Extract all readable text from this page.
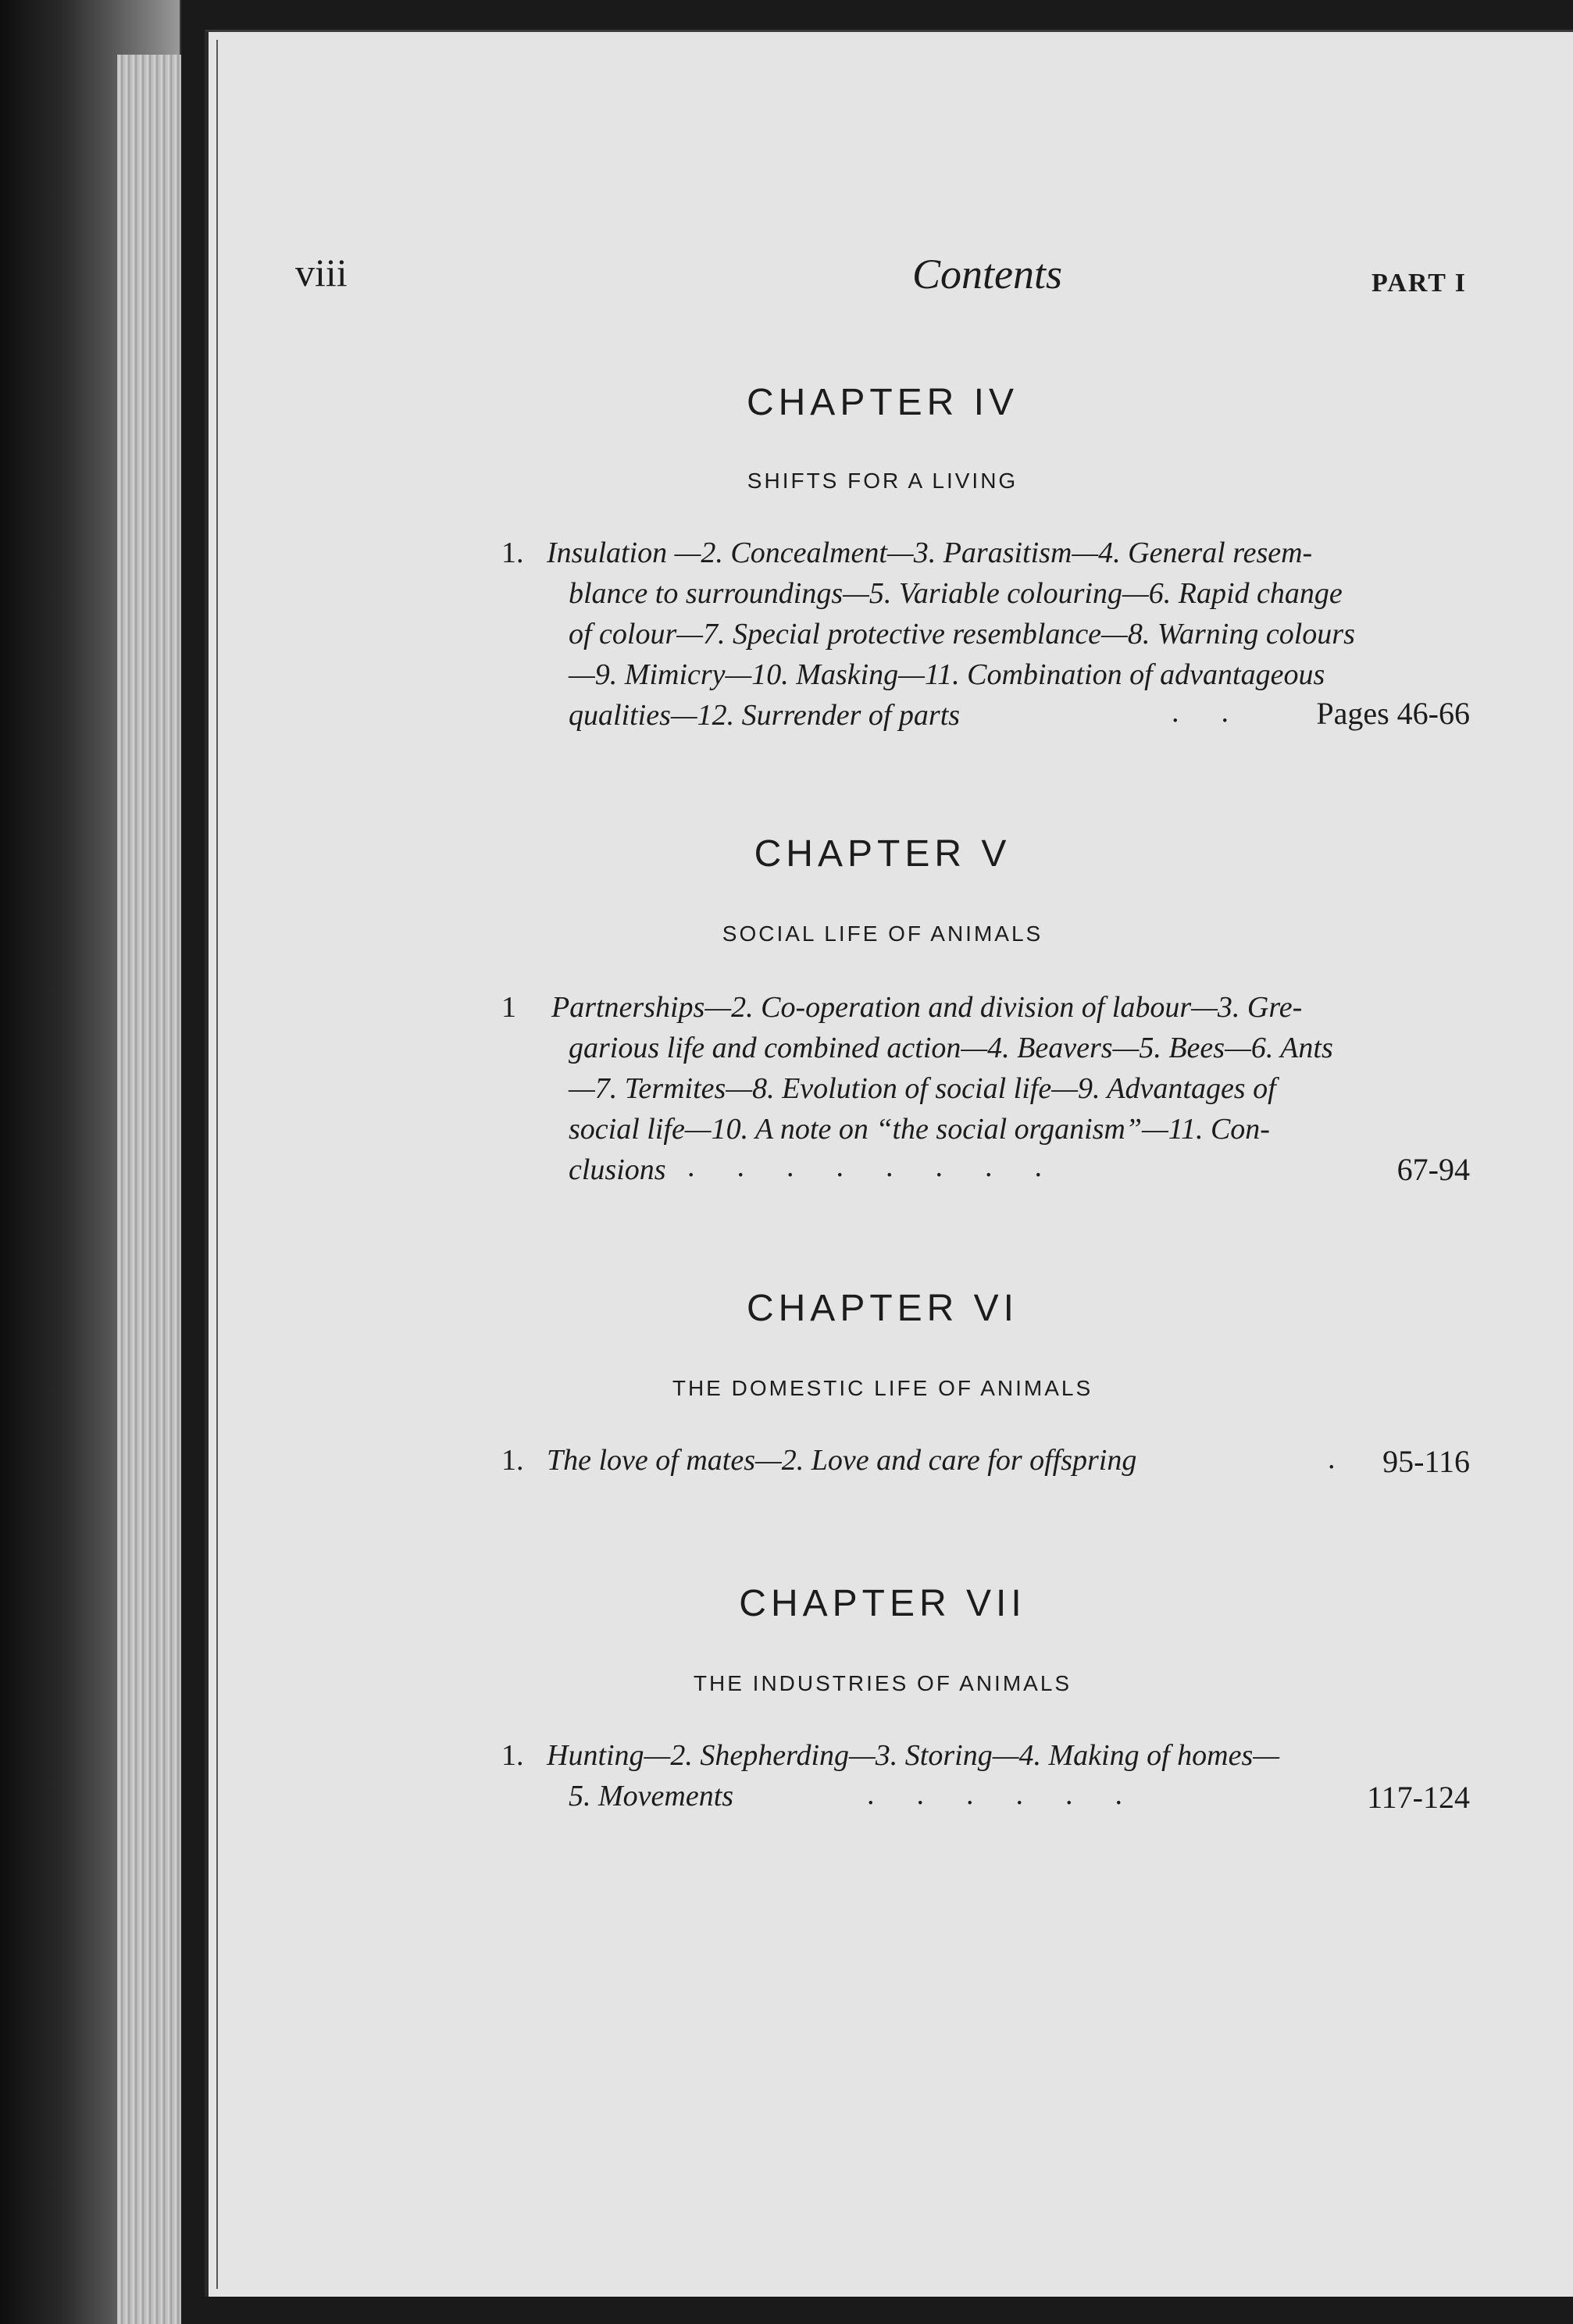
viii	Contents	PART I
CHAPTER IV
SHIFTS FOR A LIVING
1. Insulation —2. Concealment—3. Parasitism—4. General resem-
blance to surroundings—5. Variable colouring—6. Rapid change
of colour—7. Special protective resemblance—8. Warning colours
—9. Mimicry—10. Masking—11. Combination of advantageous
qualities—12. Surrender of parts	.. Pages 46-66
CHAPTER V
SOCIAL LIFE OF ANIMALS
1 Partnerships—2. Co-operation and division of labour—3. Gre-
garious life and combined action—4. Beavers—5. Bees—6. Ants
—7. Termites—8. Evolution of social life—9. Advantages of
social life—10. A note on “the social organism”—11. Con-
clusions ........	67-94
CHAPTER VI
THE DOMESTIC LIFE OF ANIMALS
1. The love of mates—2. Love and care for offspring	. 95-116
CHAPTER VII
THE INDUSTRIES OF ANIMALS
1. Hunting—2. Shepherding—3. Storing—4. Making of homes—
5. Movements	......	117-124
